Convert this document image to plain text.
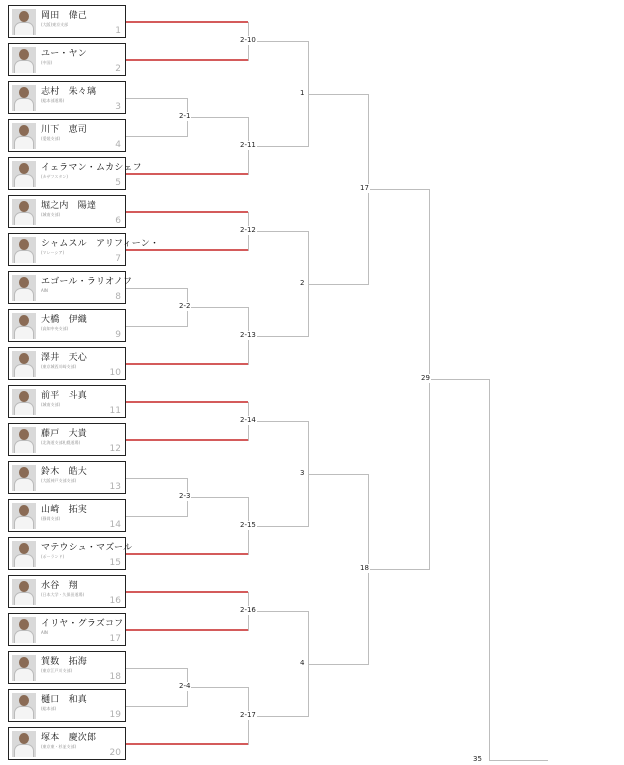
岡田　偉己
(大阪)東京支部
1
ユー・ヤン
(中国)
2
志村　朱々璃
(総本部道場)
3
川下　恵司
(愛媛支部)
4
イェラマン・ムカシェフ
(カザフスタン)
5
堀之内　陽達
(城南支部)
6
シャムスル　アリフィーン・
(マレーシア)
7
エゴール・ラリオノフ
AIN
8
大橋　伊織
(高知中央支部)
9
澤井　天心
(東京城西川崎支部)
10
前平　斗真
(城南支部)
11
藤戸　大貴
(北海道支部札幌道場)
12
鈴木　皓大
(大阪神戸支部支部)
13
山崎　拓実
(静岡支部)
14
マテウシュ・マズール
(ポーランド)
15
水谷　翔
(日本大学・久保田道場)
16
イリヤ・グラズコフ
AIN
17
賀数　拓海
(東京江戸川支部)
18
樋口　和真
(総本部)
19
塚本　慶次郎
(東京東・杉並支部)
20
2-1
2-2
2-3
2-4
2-10
2-11
2-12
2-13
2-14
2-15
2-16
2-17
1
2
3
4
17
18
29
35
